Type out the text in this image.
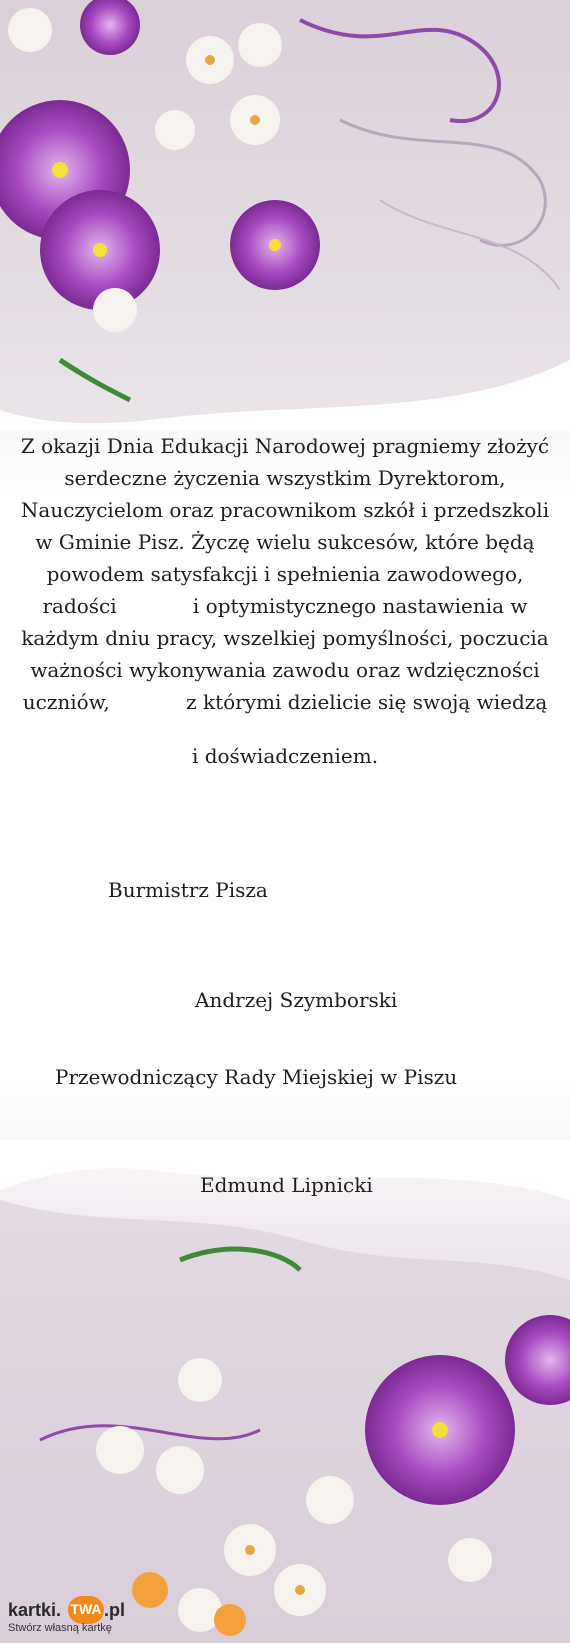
Z okazji Dnia Edukacji Narodowej pragniemy złożyć
serdeczne życzenia wszystkim Dyrektorom,
Nauczycielom oraz pracownikom szkół i przedszkoli
w Gminie Pisz. Życzę wielu sukcesów, które będą
powodem satysfakcji i spełnienia zawodowego,
radości            i optymistycznego nastawienia w
każdym dniu pracy, wszelkiej pomyślności, poczucia
ważności wykonywania zawodu oraz wdzięczności
uczniów,            z którymi dzielicie się swoją wiedzą
i doświadczeniem.
Burmistrz Pisza
Andrzej Szymborski
Przewodniczący Rady Miejskiej w Piszu
Edmund Lipnicki
kartki. TWA .pl
Stwórz własną kartkę
